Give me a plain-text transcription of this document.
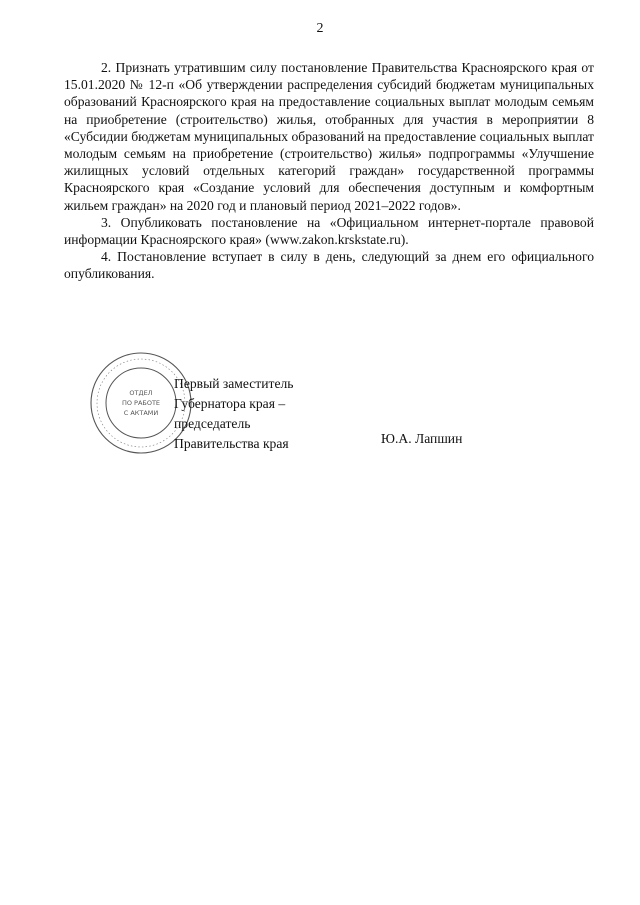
2

2. Признать утратившим силу постановление Правительства Красноярского края от 15.01.2020 № 12-п «Об утверждении распределения субсидий бюджетам муниципальных образований Красноярского края на предоставление социальных выплат молодым семьям на приобретение (строительство) жилья, отобранных для участия в мероприятии 8 «Субсидии бюджетам муниципальных образований на предоставление социальных выплат молодым семьям на приобретение (строительство) жилья» подпрограммы «Улучшение жилищных условий отдельных категорий граждан» государственной программы Красноярского края «Создание условий для обеспечения доступным и комфортным жильем граждан» на 2020 год и плановый период 2021–2022 годов».

3. Опубликовать постановление на «Официальном интернет-портале правовой информации Красноярского края» (www.zakon.krskstate.ru).

4. Постановление вступает в силу в день, следующий за днем его официального опубликования.

ОТДЕЛ
ПО РАБОТЕ
С АКТАМИ
Первый заместитель
Губернатора края –
председатель
Правительства края	Ю.А. Лапшин
